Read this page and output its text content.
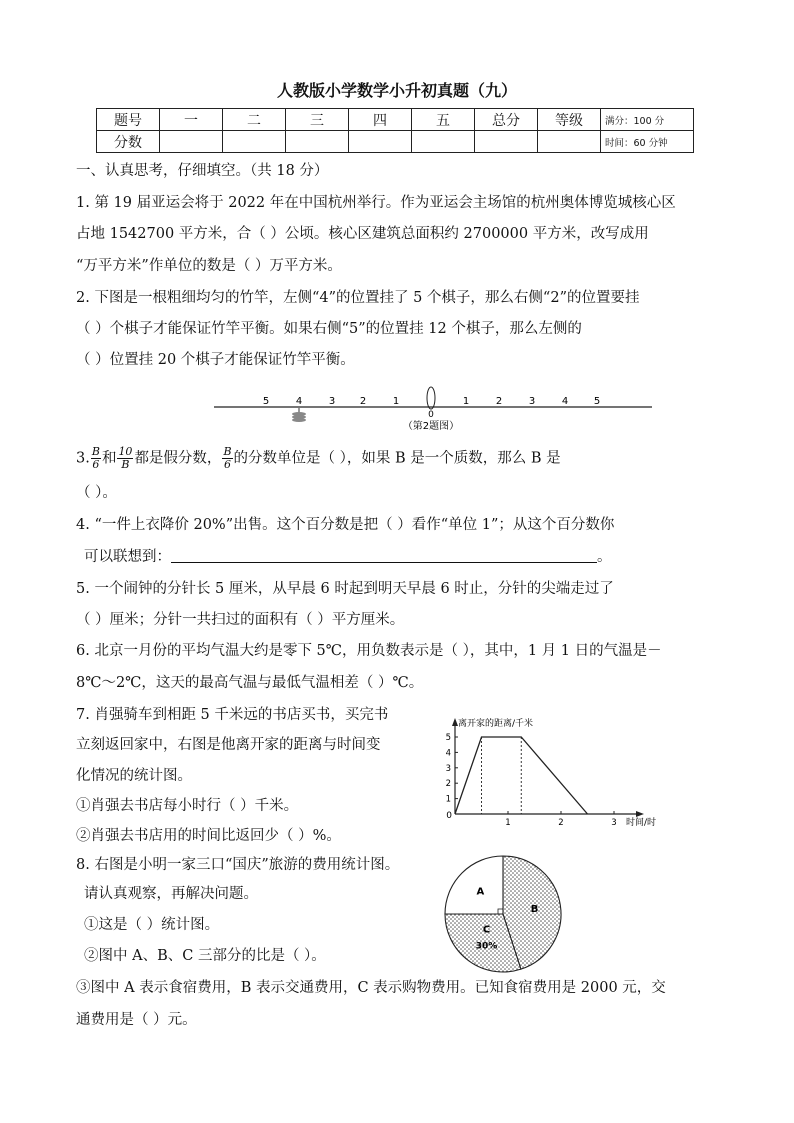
人教版小学数学小升初真题（九）
题号	一	二	三	四	五	总分	等级	满分：100 分
分数								时间：60 分钟
一、认真思考，仔细填空。（共 18 分）
1. 第 19 届亚运会将于 2022 年在中国杭州举行。作为亚运会主场馆的杭州奥体博览城核心区
占地 1542700 平方米，合（ ）公顷。核心区建筑总面积约 2700000 平方米，改写成用
“万平方米”作单位的数是（ ）万平方米。
2. 下图是一根粗细均匀的竹竿，左侧“4”的位置挂了 5 个棋子，那么右侧“2”的位置要挂
（ ）个棋子才能保证竹竿平衡。如果右侧“5”的位置挂 12 个棋子，那么左侧的
（ ）位置挂 20 个棋子才能保证竹竿平衡。
5	4	3 2	1
0
1	2	3	4	5
（第2题图）
3. $\frac{B}{6}$ 和 $\frac{10}{B}$ 都是假分数， $\frac{B}{6}$ 的分数单位是（ ），如果 B 是一个质数，那么 B 是
（ ）。
4. “一件上衣降价 20%”出售。这个百分数是把（ ）看作“单位 1”；从这个百分数你
可以联想到：	。
5. 一个闹钟的分针长 5 厘米，从早晨 6 时起到明天早晨 6 时止，分针的尖端走过了
（ ）厘米；分针一共扫过的面积有（ ）平方厘米。
6. 北京一月份的平均气温大约是零下 5℃，用负数表示是（ ），其中，1 月 1 日的气温是－
8℃～2℃，这天的最高气温与最低气温相差（ ）℃。
7. 肖强骑车到相距 5 千米远的书店买书，买完书
立刻返回家中，右图是他离开家的距离与时间变
化情况的统计图。
①肖强去书店每小时行（ ）千米。
②肖强去书店用的时间比返回少（ ）%。
离开家的距离/千米
时间/时
0
1
2
3
4
5
1	2	3
8. 右图是小明一家三口“国庆”旅游的费用统计图。
请认真观察，再解决问题。
①这是（ ）统计图。
②图中 A、B、C 三部分的比是（ ）。
③图中 A 表示食宿费用，B 表示交通费用，C 表示购物费用。已知食宿费用是 2000 元，交
通费用是（ ）元。
A
B
C
30%
